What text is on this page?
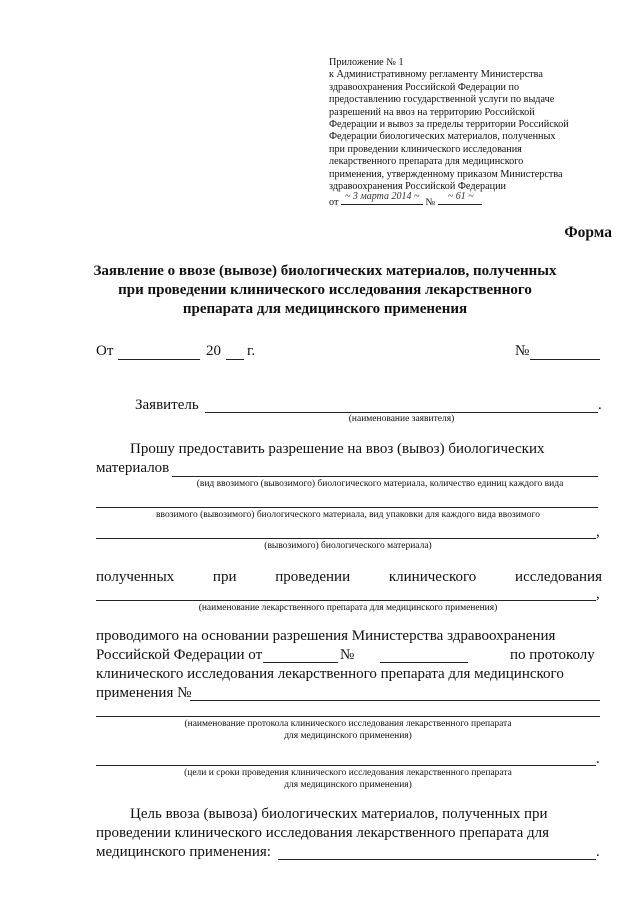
Приложение № 1
к Административному регламенту Министерства
здравоохранения Российской Федерации по
предоставлению государственной услуги по выдаче
разрешений на ввоз на территорию Российской
Федерации и вывоз за пределы территории Российской
Федерации биологических материалов, полученных
при проведении клинического исследования
лекарственного препарата для медицинского
применения, утвержденному приказом Министерства
здравоохранения Российской Федерации
от
~ 3 марта 2014 ~
№
~ 61 ~
Форма
Заявление о ввозе (вывозе) биологических материалов, полученных при проведении клинического исследования лекарственного препарата для медицинского применения
От	20 г.	№
Заявитель	.
(наименование заявителя)
Прошу предоставить разрешение на ввоз (вывоз) биологических
материалов
(вид ввозимого (вывозимого) биологического материала, количество единиц каждого вида
ввозимого (вывозимого) биологического материала, вид упаковки для каждого вида ввозимого
,
(вывозимого) биологического материала)
полученных	при	проведении	клинического	исследования
,
(наименование лекарственного препарата для медицинского применения)
проводимого на основании разрешения Министерства здравоохранения
Российской Федерации от	№	по протоколу
клинического исследования лекарственного препарата для медицинского
применения №
(наименование протокола клинического исследования лекарственного препарата
для медицинского применения)
.
(цели и сроки проведения клинического исследования лекарственного препарата
для медицинского применения)
Цель ввоза (вывоза) биологических материалов, полученных при
проведении клинического исследования лекарственного препарата для
медицинского применения:	.
